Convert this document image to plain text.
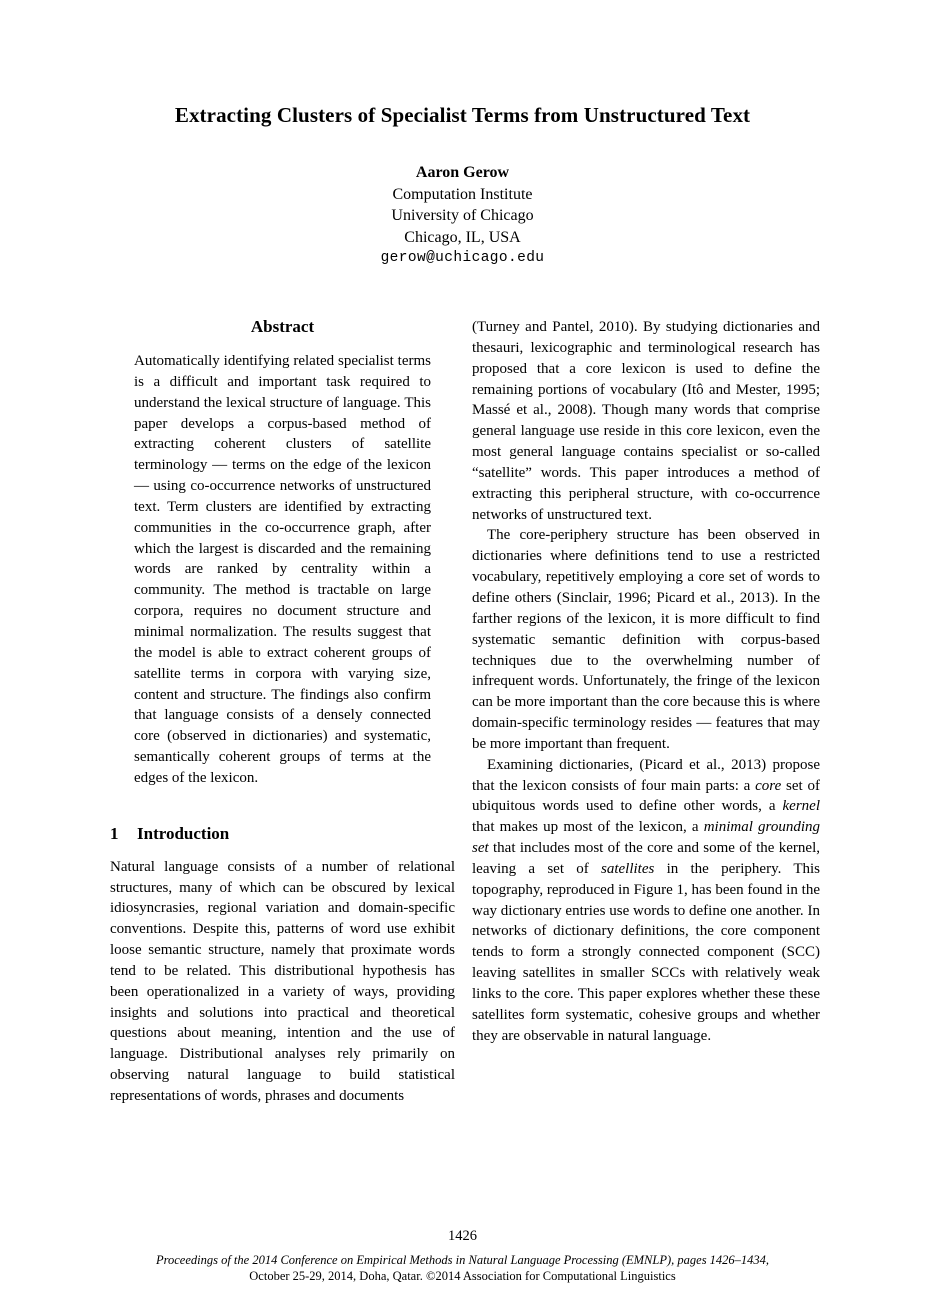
Extracting Clusters of Specialist Terms from Unstructured Text
Aaron Gerow
Computation Institute
University of Chicago
Chicago, IL, USA
gerow@uchicago.edu
Abstract

Automatically identifying related specialist terms is a difficult and important task required to understand the lexical structure of language. This paper develops a corpus-based method of extracting coherent clusters of satellite terminology — terms on the edge of the lexicon — using co-occurrence networks of unstructured text. Term clusters are identified by extracting communities in the co-occurrence graph, after which the largest is discarded and the remaining words are ranked by centrality within a community. The method is tractable on large corpora, requires no document structure and minimal normalization. The results suggest that the model is able to extract coherent groups of satellite terms in corpora with varying size, content and structure. The findings also confirm that language consists of a densely connected core (observed in dictionaries) and systematic, semantically coherent groups of terms at the edges of the lexicon.

1 Introduction

Natural language consists of a number of relational structures, many of which can be obscured by lexical idiosyncrasies, regional variation and domain-specific conventions. Despite this, patterns of word use exhibit loose semantic structure, namely that proximate words tend to be related. This distributional hypothesis has been operationalized in a variety of ways, providing insights and solutions into practical and theoretical questions about meaning, intention and the use of language. Distributional analyses rely primarily on observing natural language to build statistical representations of words, phrases and documents

(Turney and Pantel, 2010). By studying dictionaries and thesauri, lexicographic and terminological research has proposed that a core lexicon is used to define the remaining portions of vocabulary (Itô and Mester, 1995; Massé et al., 2008). Though many words that comprise general language use reside in this core lexicon, even the most general language contains specialist or so-called “satellite” words. This paper introduces a method of extracting this peripheral structure, with co-occurrence networks of unstructured text.

The core-periphery structure has been observed in dictionaries where definitions tend to use a restricted vocabulary, repetitively employing a core set of words to define others (Sinclair, 1996; Picard et al., 2013). In the farther regions of the lexicon, it is more difficult to find systematic semantic definition with corpus-based techniques due to the overwhelming number of infrequent words. Unfortunately, the fringe of the lexicon can be more important than the core because this is where domain-specific terminology resides — features that may be more important than frequent.

Examining dictionaries, (Picard et al., 2013) propose that the lexicon consists of four main parts: a core set of ubiquitous words used to define other words, a kernel that makes up most of the lexicon, a minimal grounding set that includes most of the core and some of the kernel, leaving a set of satellites in the periphery. This topography, reproduced in Figure 1, has been found in the way dictionary entries use words to define one another. In networks of dictionary definitions, the core component tends to form a strongly connected component (SCC) leaving satellites in smaller SCCs with relatively weak links to the core. This paper explores whether these these satellites form systematic, cohesive groups and whether they are observable in natural language.

1426
Proceedings of the 2014 Conference on Empirical Methods in Natural Language Processing (EMNLP), pages 1426–1434,
October 25-29, 2014, Doha, Qatar. ©2014 Association for Computational Linguistics
